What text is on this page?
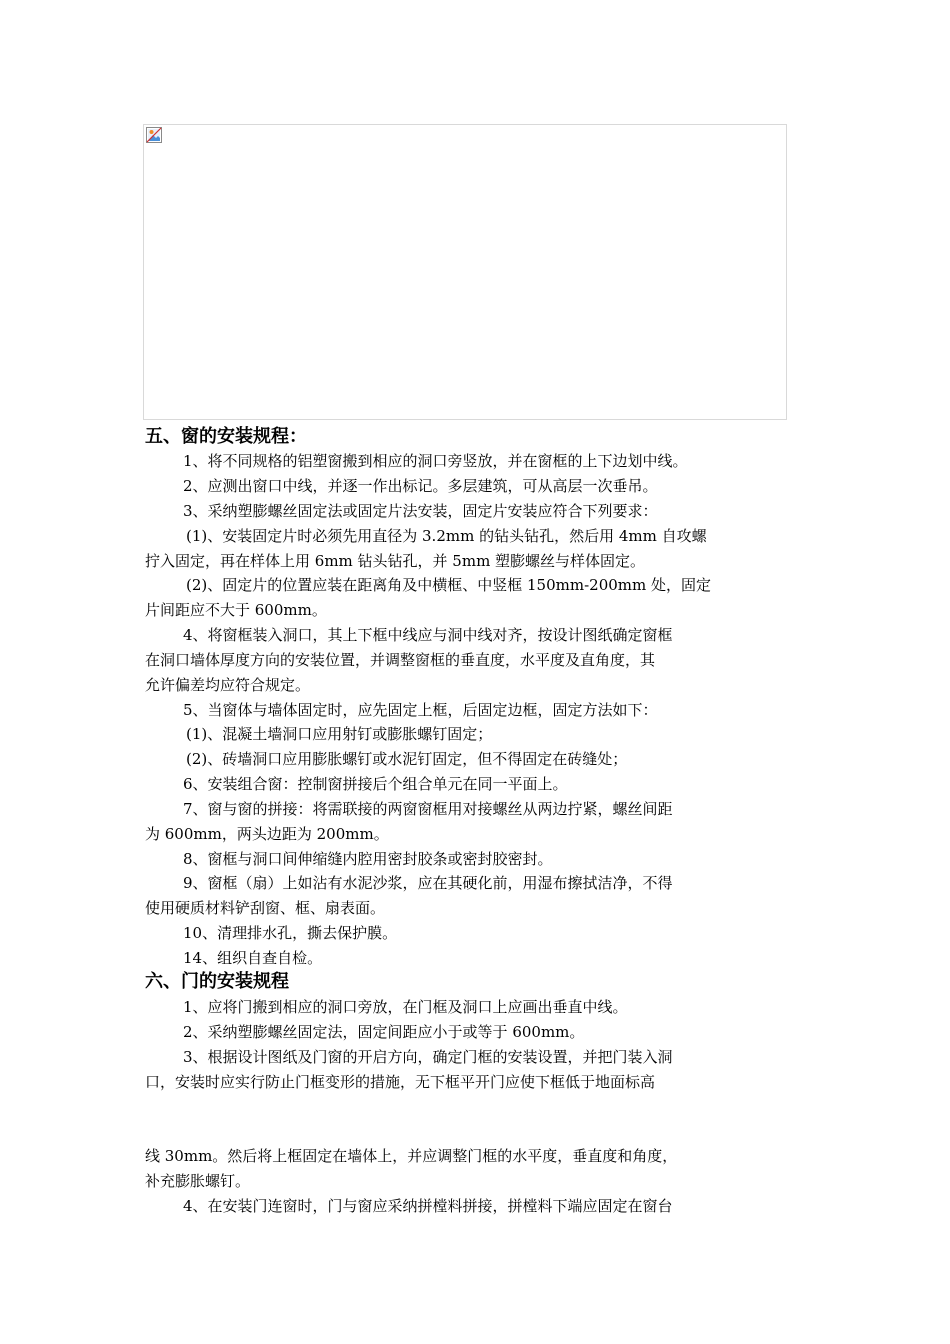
五、窗的安装规程：
1、将不同规格的铝塑窗搬到相应的洞口旁竖放，并在窗框的上下边划中线。
2、应测出窗口中线，并逐一作出标记。多层建筑，可从高层一次垂吊。
3、采纳塑膨螺丝固定法或固定片法安装，固定片安装应符合下列要求：
(1)、安装固定片时必须先用直径为 3.2mm 的钻头钻孔，然后用 4mm 自攻螺
拧入固定，再在样体上用 6mm 钻头钻孔，并 5mm 塑膨螺丝与样体固定。
(2)、固定片的位置应装在距离角及中横框、中竖框 150mm-200mm 处，固定
片间距应不大于 600mm。
4、将窗框装入洞口，其上下框中线应与洞中线对齐，按设计图纸确定窗框
在洞口墙体厚度方向的安装位置，并调整窗框的垂直度，水平度及直角度，其
允许偏差均应符合规定。
5、当窗体与墙体固定时，应先固定上框，后固定边框，固定方法如下：
(1)、混凝土墙洞口应用射钉或膨胀螺钉固定；
(2)、砖墙洞口应用膨胀螺钉或水泥钉固定，但不得固定在砖缝处；
6、安装组合窗：控制窗拼接后个组合单元在同一平面上。
7、窗与窗的拼接：将需联接的两窗窗框用对接螺丝从两边拧紧，螺丝间距
为 600mm，两头边距为 200mm。
8、窗框与洞口间伸缩缝内腔用密封胶条或密封胶密封。
9、窗框（扇）上如沾有水泥沙浆，应在其硬化前，用湿布擦拭洁净，不得
使用硬质材料铲刮窗、框、扇表面。
10、清理排水孔，撕去保护膜。
14、组织自查自检。
六、门的安装规程
1、应将门搬到相应的洞口旁放，在门框及洞口上应画出垂直中线。
2、采纳塑膨螺丝固定法，固定间距应小于或等于 600mm。
3、根据设计图纸及门窗的开启方向，确定门框的安装设置，并把门装入洞
口，安装时应实行防止门框变形的措施，无下框平开门应使下框低于地面标高
线 30mm。然后将上框固定在墙体上，并应调整门框的水平度，垂直度和角度，
补充膨胀螺钉。
4、在安装门连窗时，门与窗应采纳拼樘料拼接，拼樘料下端应固定在窗台
